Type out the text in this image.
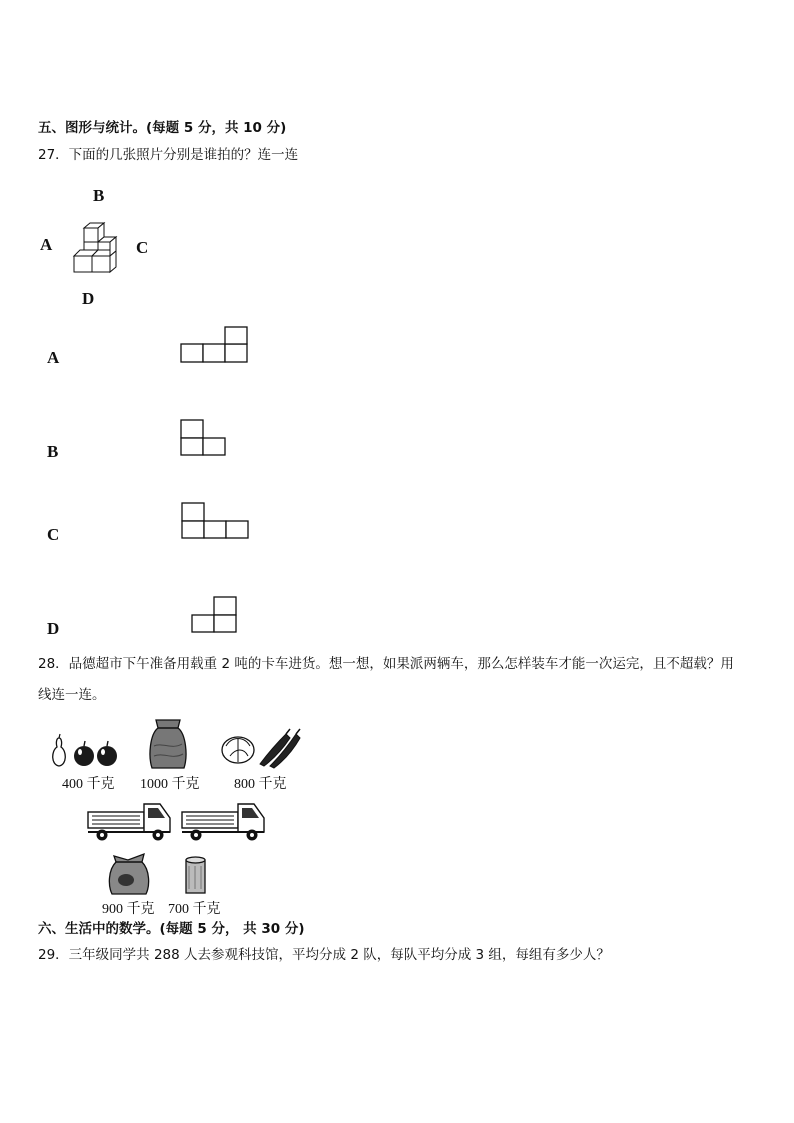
五、图形与统计。(每题 5 分，共 10 分)
27．下面的几张照片分别是谁拍的？连一连
B
A	C
D
A
B
C
D
28．品德超市下午准备用载重 2 吨的卡车进货。想一想，如果派两辆车，那么怎样装车才能一次运完，且不超载？用
线连一连。
400 千克 1000 千克 800 千克
900 千克 700 千克
六、生活中的数学。(每题 5 分， 共 30 分)
29．三年级同学共 288 人去参观科技馆，平均分成 2 队，每队平均分成 3 组，每组有多少人？
